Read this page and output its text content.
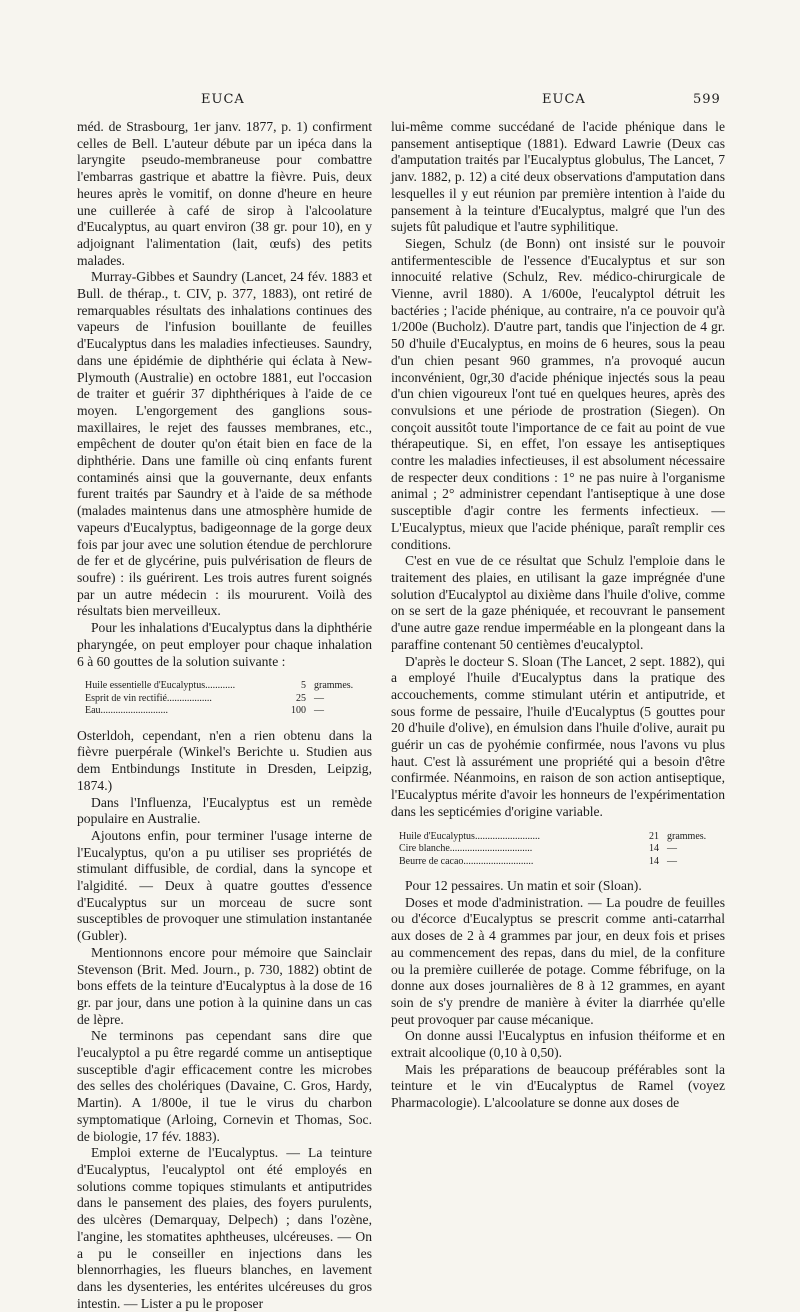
EUCA	EUCA	599

méd. de Strasbourg, 1er janv. 1877, p. 1) confirment celles de Bell. L'auteur débute par un ipéca dans la laryngite pseudo-membraneuse pour combattre l'embarras gastrique et abattre la fièvre. Puis, deux heures après le vomitif, on donne d'heure en heure une cuillerée à café de sirop à l'alcoolature d'Eucalyptus, au quart environ (38 gr. pour 10), en y adjoignant l'alimentation (lait, œufs) des petits malades.

Murray-Gibbes et Saundry (Lancet, 24 fév. 1883 et Bull. de thérap., t. CIV, p. 377, 1883), ont retiré de remarquables résultats des inhalations continues des vapeurs de l'infusion bouillante de feuilles d'Eucalyptus dans les maladies infectieuses. Saundry, dans une épidémie de diphthérie qui éclata à New-Plymouth (Australie) en octobre 1881, eut l'occasion de traiter et guérir 37 diphthériques à l'aide de ce moyen. L'engorgement des ganglions sous-maxillaires, le rejet des fausses membranes, etc., empêchent de douter qu'on était bien en face de la diphthérie. Dans une famille où cinq enfants furent contaminés ainsi que la gouvernante, deux enfants furent traités par Saundry et à l'aide de sa méthode (malades maintenus dans une atmosphère humide de vapeurs d'Eucalyptus, badigeonnage de la gorge deux fois par jour avec une solution étendue de perchlorure de fer et de glycérine, puis pulvérisation de fleurs de soufre) : ils guérirent. Les trois autres furent soignés par un autre médecin : ils moururent. Voilà des résultats bien merveilleux.

Pour les inhalations d'Eucalyptus dans la diphthérie pharyngée, on peut employer pour chaque inhalation 6 à 60 gouttes de la solution suivante :

Huile essentielle d'Eucalyptus............	5 grammes.
Esprit de vin rectifié..................	25 —
Eau...........................	100 —

Osterldoh, cependant, n'en a rien obtenu dans la fièvre puerpérale (Winkel's Berichte u. Studien aus dem Entbindungs Institute in Dresden, Leipzig, 1874.)

Dans l'Influenza, l'Eucalyptus est un remède populaire en Australie.

Ajoutons enfin, pour terminer l'usage interne de l'Eucalyptus, qu'on a pu utiliser ses propriétés de stimulant diffusible, de cordial, dans la syncope et l'algidité. — Deux à quatre gouttes d'essence d'Eucalyptus sur un morceau de sucre sont susceptibles de provoquer une stimulation instantanée (Gubler).

Mentionnons encore pour mémoire que Sainclair Stevenson (Brit. Med. Journ., p. 730, 1882) obtint de bons effets de la teinture d'Eucalyptus à la dose de 16 gr. par jour, dans une potion à la quinine dans un cas de lèpre.

Ne terminons pas cependant sans dire que l'eucalyptol a pu être regardé comme un antiseptique susceptible d'agir efficacement contre les microbes des selles des cholériques (Davaine, C. Gros, Hardy, Martin). A 1/800e, il tue le virus du charbon symptomatique (Arloing, Cornevin et Thomas, Soc. de biologie, 17 fév. 1883).

Emploi externe de l'Eucalyptus. — La teinture d'Eucalyptus, l'eucalyptol ont été employés en solutions comme topiques stimulants et antiputrides dans le pansement des plaies, des foyers purulents, des ulcères (Demarquay, Delpech) ; dans l'ozène, l'angine, les stomatites aphtheuses, ulcéreuses. — On a pu le conseiller en injections dans les blennorrhagies, les flueurs blanches, en lavement dans les dysenteries, les entérites ulcéreuses du gros intestin. — Lister a pu le proposer

lui-même comme succédané de l'acide phénique dans le pansement antiseptique (1881). Edward Lawrie (Deux cas d'amputation traités par l'Eucalyptus globulus, The Lancet, 7 janv. 1882, p. 12) a cité deux observations d'amputation dans lesquelles il y eut réunion par première intention à l'aide du pansement à la teinture d'Eucalyptus, malgré que l'un des sujets fût paludique et l'autre syphilitique.

Siegen, Schulz (de Bonn) ont insisté sur le pouvoir antifermentescible de l'essence d'Eucalyptus et sur son innocuité relative (Schulz, Rev. médico-chirurgicale de Vienne, avril 1880). A 1/600e, l'eucalyptol détruit les bactéries ; l'acide phénique, au contraire, n'a ce pouvoir qu'à 1/200e (Bucholz). D'autre part, tandis que l'injection de 4 gr. 50 d'huile d'Eucalyptus, en moins de 6 heures, sous la peau d'un chien pesant 960 grammes, n'a provoqué aucun inconvénient, 0gr,30 d'acide phénique injectés sous la peau d'un chien vigoureux l'ont tué en quelques heures, après des convulsions et une période de prostration (Siegen). On conçoit aussitôt toute l'importance de ce fait au point de vue thérapeutique. Si, en effet, l'on essaye les antiseptiques contre les maladies infectieuses, il est absolument nécessaire de respecter deux conditions : 1° ne pas nuire à l'organisme animal ; 2° administrer cependant l'antiseptique à une dose susceptible d'agir contre les ferments infectieux. — L'Eucalyptus, mieux que l'acide phénique, paraît remplir ces conditions.

C'est en vue de ce résultat que Schulz l'emploie dans le traitement des plaies, en utilisant la gaze imprégnée d'une solution d'Eucalyptol au dixième dans l'huile d'olive, comme on se sert de la gaze phéniquée, et recouvrant le pansement d'une autre gaze rendue imperméable en la plongeant dans la paraffine contenant 50 centièmes d'eucalyptol.

D'après le docteur S. Sloan (The Lancet, 2 sept. 1882), qui a employé l'huile d'Eucalyptus dans la pratique des accouchements, comme stimulant utérin et antiputride, et sous forme de pessaire, l'huile d'Eucalyptus (5 gouttes pour 20 d'huile d'olive), en émulsion dans l'huile d'olive, aurait pu guérir un cas de pyohémie confirmée, nous l'avons vu plus haut. C'est là assurément une propriété qui a besoin d'être confirmée. Néanmoins, en raison de son action antiseptique, l'Eucalyptus mérite d'avoir les honneurs de l'expérimentation dans les septicémies d'origine variable.

Huile d'Eucalyptus..........................	21 grammes.
Cire blanche.................................	14 —
Beurre de cacao............................	14 —

Pour 12 pessaires. Un matin et soir (Sloan).

Doses et mode d'administration. — La poudre de feuilles ou d'écorce d'Eucalyptus se prescrit comme anti-catarrhal aux doses de 2 à 4 grammes par jour, en deux fois et prises au commencement des repas, dans du miel, de la confiture ou la première cuillerée de potage. Comme fébrifuge, on la donne aux doses journalières de 8 à 12 grammes, en ayant soin de s'y prendre de manière à éviter la diarrhée qu'elle peut provoquer par cause mécanique.

On donne aussi l'Eucalyptus en infusion théiforme et en extrait alcoolique (0,10 à 0,50).

Mais les préparations de beaucoup préférables sont la teinture et le vin d'Eucalyptus de Ramel (voyez Pharmacologie). L'alcoolature se donne aux doses de
